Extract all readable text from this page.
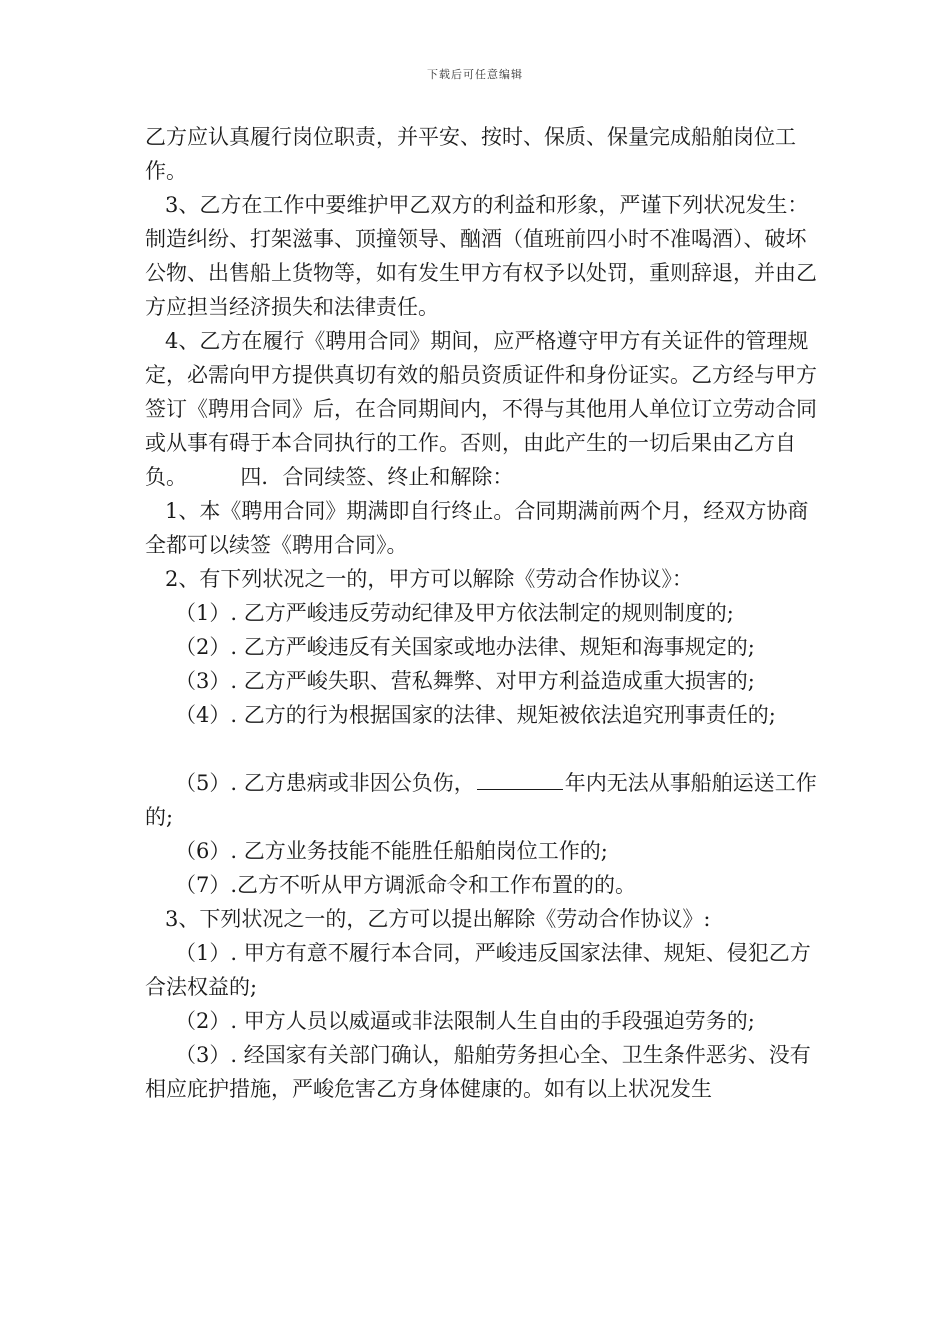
下载后可任意编辑

乙方应认真履行岗位职责，并平安、按时、保质、保量完成船舶岗位工作。

3、乙方在工作中要维护甲乙双方的利益和形象，严谨下列状况发生：制造纠纷、打架滋事、顶撞领导、酗酒（值班前四小时不准喝酒）、破坏公物、出售船上货物等，如有发生甲方有权予以处罚，重则辞退，并由乙方应担当经济损失和法律责任。

4、乙方在履行《聘用合同》期间，应严格遵守甲方有关证件的管理规定，必需向甲方提供真切有效的船员资质证件和身份证实。乙方经与甲方签订《聘用合同》后，在合同期间内，不得与其他用人单位订立劳动合同或从事有碍于本合同执行的工作。否则，由此产生的一切后果由乙方自负。        四．合同续签、终止和解除：

1、本《聘用合同》期满即自行终止。合同期满前两个月，经双方协商全都可以续签《聘用合同》。

2、有下列状况之一的，甲方可以解除《劳动合作协议》：

（1）. 乙方严峻违反劳动纪律及甲方依法制定的规则制度的;

（2）. 乙方严峻违反有关国家或地办法律、规矩和海事规定的;

（3）. 乙方严峻失职、营私舞弊、对甲方利益造成重大损害的;

（4）. 乙方的行为根据国家的法律、规矩被依法追究刑事责任的;

（5）. 乙方患病或非因公负伤，	年内无法从事船舶运送工作的;

（6）. 乙方业务技能不能胜任船舶岗位工作的;

（7）.乙方不听从甲方调派命令和工作布置的的。

3、下列状况之一的，乙方可以提出解除《劳动合作协议》:

（1）. 甲方有意不履行本合同，严峻违反国家法律、规矩、侵犯乙方合法权益的;

（2）. 甲方人员以威逼或非法限制人生自由的手段强迫劳务的;

（3）. 经国家有关部门确认，船舶劳务担心全、卫生条件恶劣、没有相应庇护措施，严峻危害乙方身体健康的。如有以上状况发生
